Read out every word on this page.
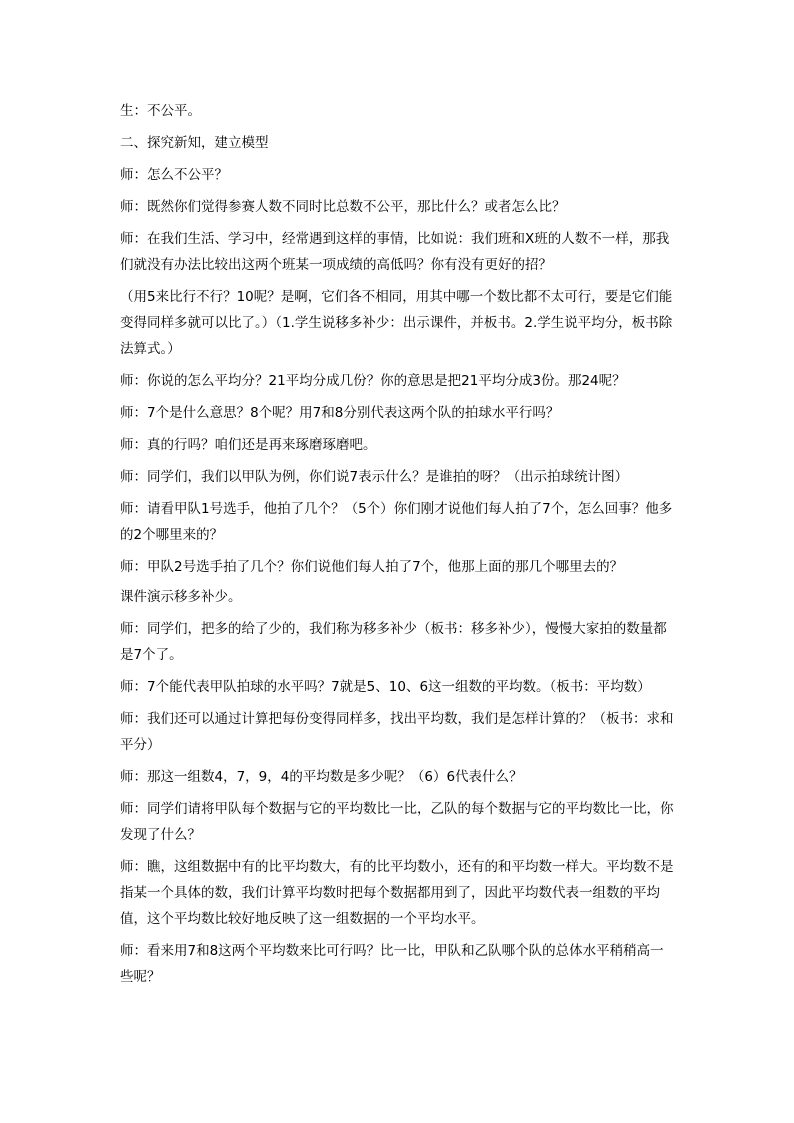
生：不公平。

二、探究新知，建立模型

师：怎么不公平？

师：既然你们觉得参赛人数不同时比总数不公平，那比什么？或者怎么比？

师：在我们生活、学习中，经常遇到这样的事情，比如说：我们班和X班的人数不一样，那我们就没有办法比较出这两个班某一项成绩的高低吗？你有没有更好的招？

（用5来比行不行？10呢？是啊，它们各不相同，用其中哪一个数比都不太可行，要是它们能变得同样多就可以比了。）（1.学生说移多补少：出示课件，并板书。2.学生说平均分，板书除法算式。）

师：你说的怎么平均分？21平均分成几份？你的意思是把21平均分成3份。那24呢？

师：7个是什么意思？8个呢？用7和8分别代表这两个队的拍球水平行吗？

师：真的行吗？咱们还是再来琢磨琢磨吧。

师：同学们，我们以甲队为例，你们说7表示什么？是谁拍的呀？（出示拍球统计图）

师：请看甲队1号选手，他拍了几个？（5个）你们刚才说他们每人拍了7个，怎么回事？他多的2个哪里来的？

师：甲队2号选手拍了几个？你们说他们每人拍了7个，他那上面的那几个哪里去的？

课件演示移多补少。

师：同学们，把多的给了少的，我们称为移多补少（板书：移多补少），慢慢大家拍的数量都是7个了。

师：7个能代表甲队拍球的水平吗？7就是5、10、6这一组数的平均数。（板书：平均数）

师：我们还可以通过计算把每份变得同样多，找出平均数，我们是怎样计算的？（板书：求和平分）

师：那这一组数4，7，9，4的平均数是多少呢？（6）6代表什么？

师：同学们请将甲队每个数据与它的平均数比一比，乙队的每个数据与它的平均数比一比，你发现了什么？

师：瞧，这组数据中有的比平均数大，有的比平均数小，还有的和平均数一样大。平均数不是指某一个具体的数，我们计算平均数时把每个数据都用到了，因此平均数代表一组数的平均值，这个平均数比较好地反映了这一组数据的一个平均水平。

师：看来用7和8这两个平均数来比可行吗？比一比，甲队和乙队哪个队的总体水平稍稍高一些呢？
